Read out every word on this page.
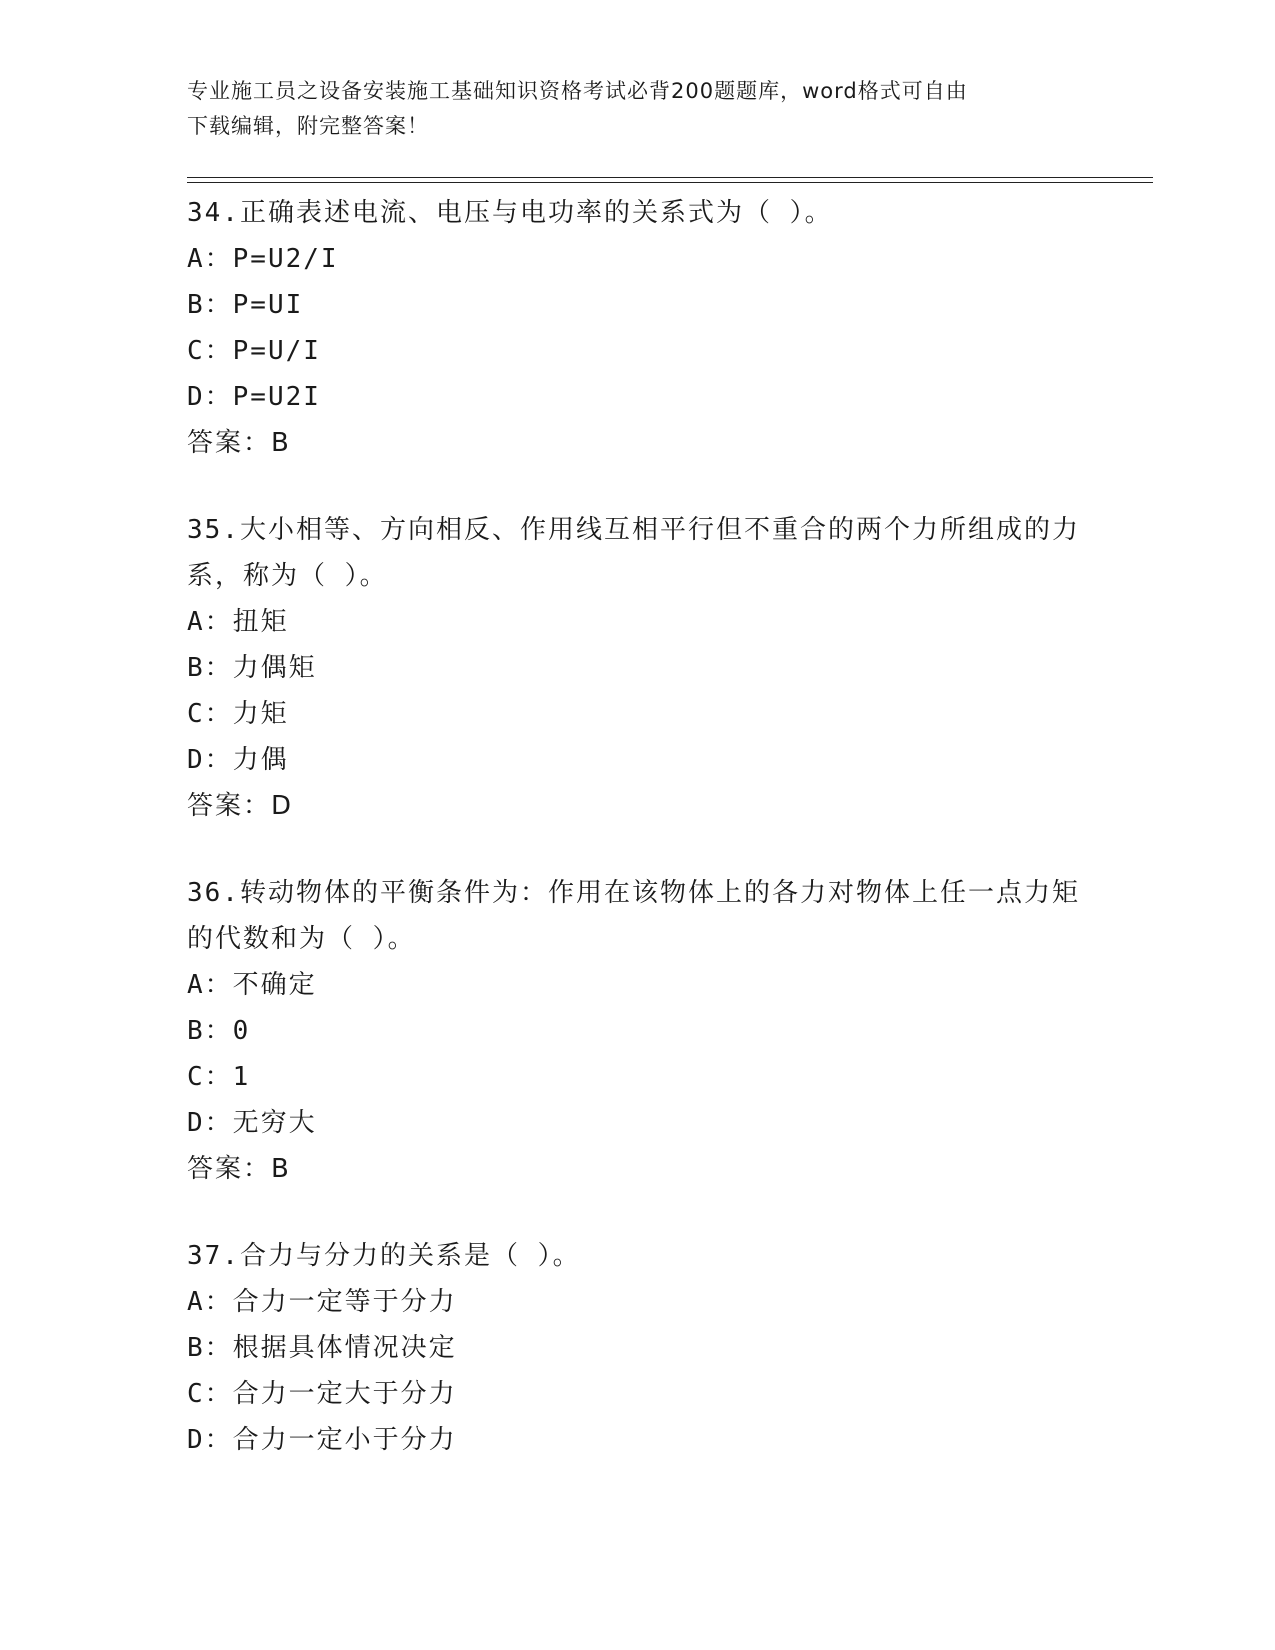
专业施工员之设备安装施工基础知识资格考试必背200题题库，word格式可自由
下载编辑，附完整答案！

34.正确表述电流、电压与电功率的关系式为（ ）。

A：P=U2/I

B：P=UI

C：P=U/I

D：P=U2I

答案：B

35.大小相等、方向相反、作用线互相平行但不重合的两个力所组成的力系，称为（ ）。

A：扭矩

B：力偶矩

C：力矩

D：力偶

答案：D

36.转动物体的平衡条件为：作用在该物体上的各力对物体上任一点力矩的代数和为（ ）。

A：不确定

B：0

C：1

D：无穷大

答案：B

37.合力与分力的关系是（ ）。

A：合力一定等于分力

B：根据具体情况决定

C：合力一定大于分力

D：合力一定小于分力
